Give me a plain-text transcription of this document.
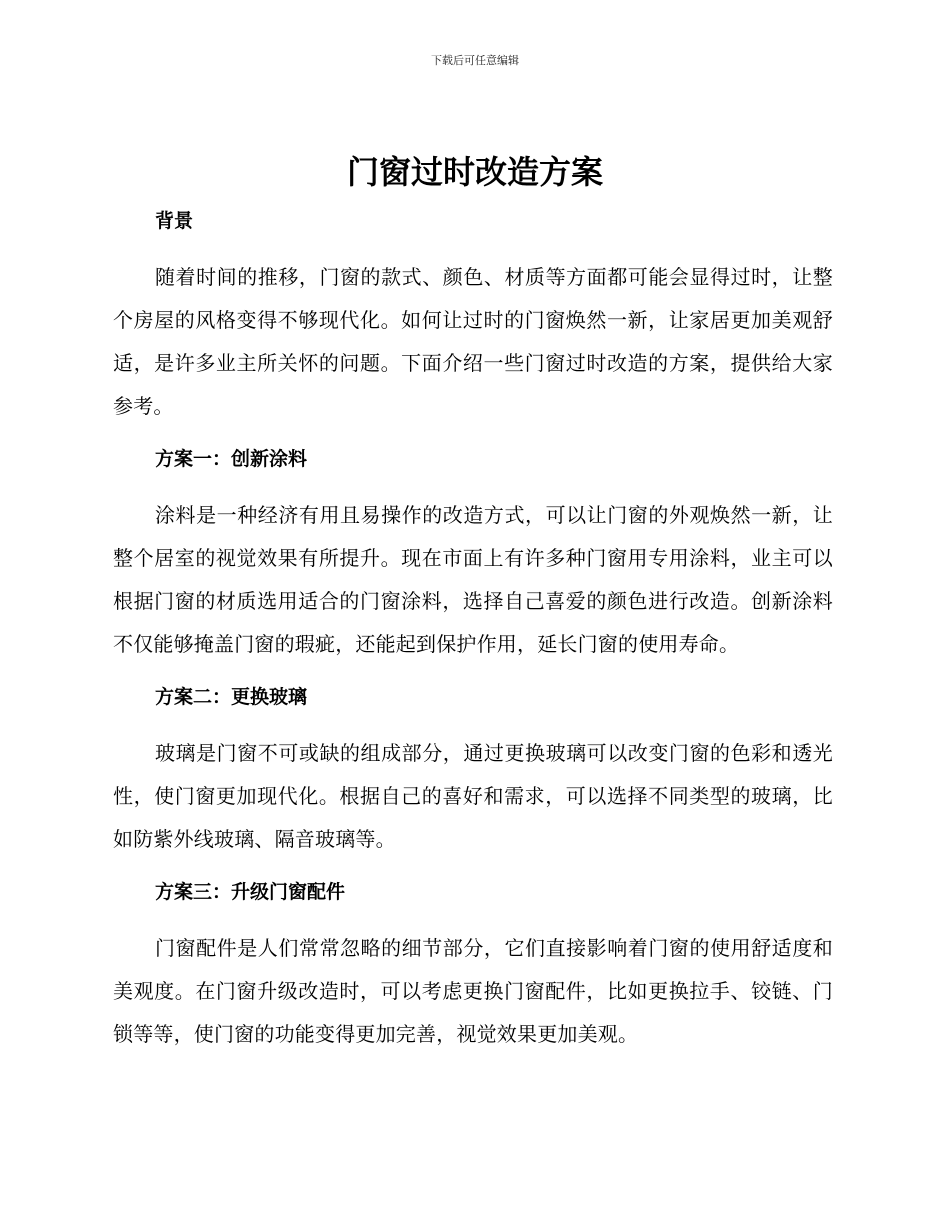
下载后可任意编辑
门窗过时改造方案
背景

随着时间的推移，门窗的款式、颜色、材质等方面都可能会显得过时，让整个房屋的风格变得不够现代化。如何让过时的门窗焕然一新，让家居更加美观舒适，是许多业主所关怀的问题。下面介绍一些门窗过时改造的方案，提供给大家参考。

方案一：创新涂料

涂料是一种经济有用且易操作的改造方式，可以让门窗的外观焕然一新，让整个居室的视觉效果有所提升。现在市面上有许多种门窗用专用涂料，业主可以根据门窗的材质选用适合的门窗涂料，选择自己喜爱的颜色进行改造。创新涂料不仅能够掩盖门窗的瑕疵，还能起到保护作用，延长门窗的使用寿命。

方案二：更换玻璃

玻璃是门窗不可或缺的组成部分，通过更换玻璃可以改变门窗的色彩和透光性，使门窗更加现代化。根据自己的喜好和需求，可以选择不同类型的玻璃，比如防紫外线玻璃、隔音玻璃等。

方案三：升级门窗配件

门窗配件是人们常常忽略的细节部分，它们直接影响着门窗的使用舒适度和美观度。在门窗升级改造时，可以考虑更换门窗配件，比如更换拉手、铰链、门锁等等，使门窗的功能变得更加完善，视觉效果更加美观。
